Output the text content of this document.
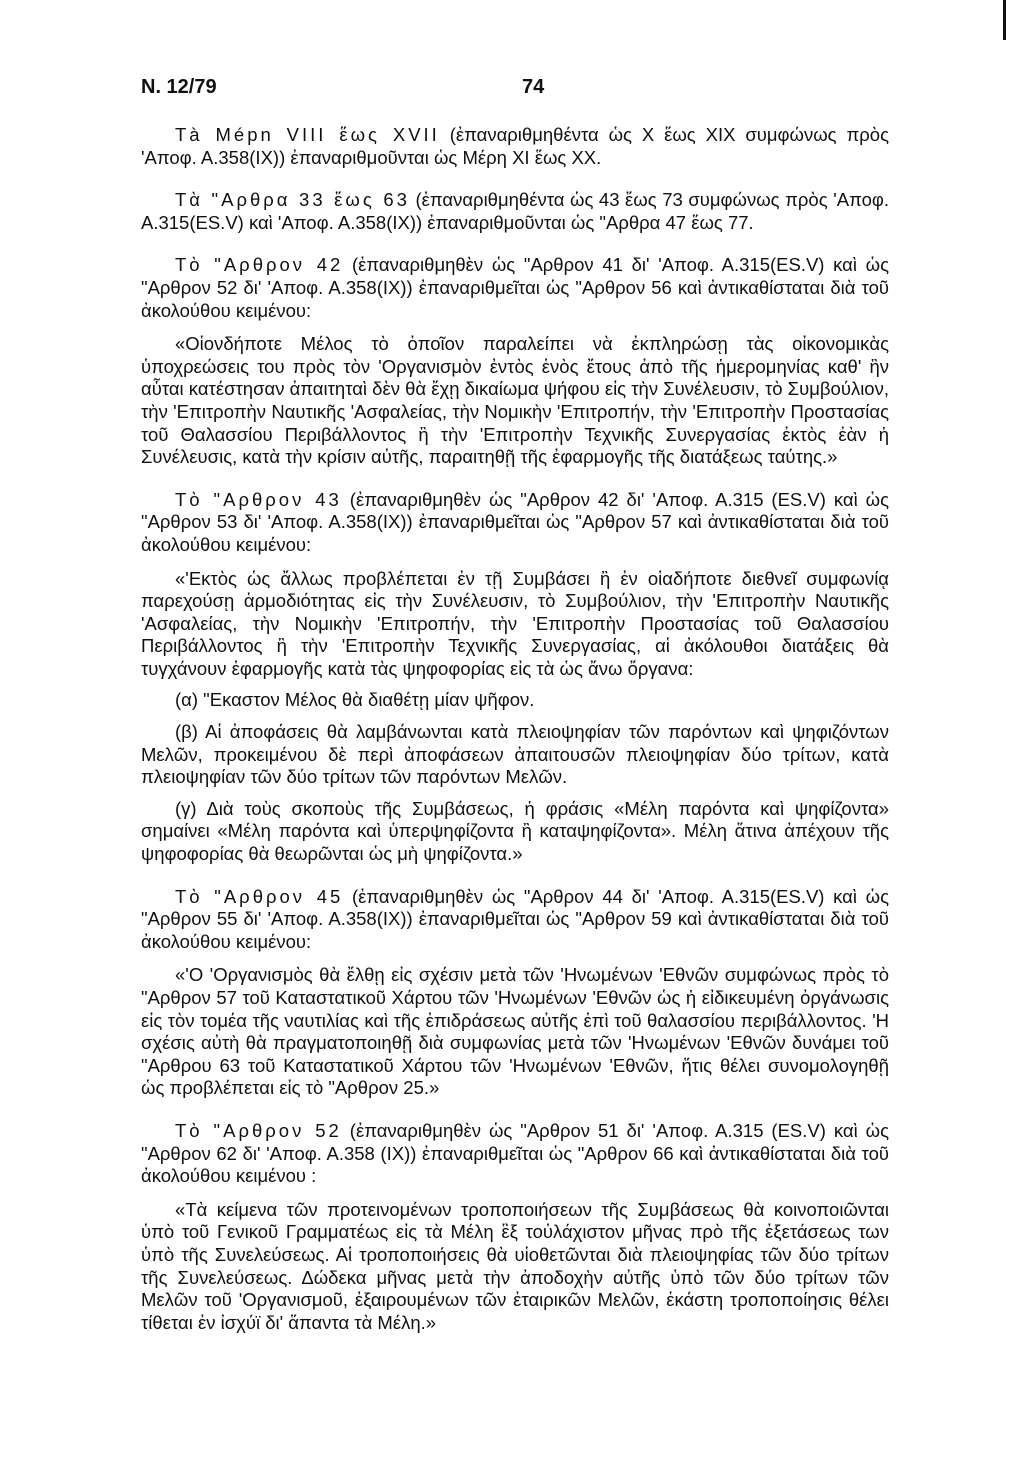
N. 12/79	74

Tà Mépn VIII ἕως XVII (ἐπαναριθμηθέντα ὡς X ἕως XIX συμφώνως πρὸς 'Αποφ. Α.358(ΙΧ)) ἐπαναριθμοῦνται ὡς Μέρη XI ἕως XX.

Τὰ "Αρθρα 33 ἕως 63 (ἐπαναριθμηθέντα ὡς 43 ἕως 73 συμφώνως πρὸς 'Αποφ. Α.315(ES.V) καὶ 'Αποφ. Α.358(ΙΧ)) ἐπαναριθμοῦνται ὡς "Αρθρα 47 ἕως 77.

Τὸ "Αρθρον 42 (ἐπαναριθμηθὲν ὡς "Αρθρον 41 δι' 'Αποφ. Α.315(ES.V) καὶ ὡς "Αρθρον 52 δι' 'Αποφ. Α.358(ΙΧ)) ἐπαναριθμεῖται ὡς "Αρθρον 56 καὶ ἀντικαθίσταται διὰ τοῦ ἀκολούθου κειμένου:

«Οἱονδήποτε Μέλος τὸ ὁποῖον παραλείπει νὰ ἐκπληρώσῃ τὰς οἰκονομικὰς ὑποχρεώσεις του πρὸς τὸν 'Οργανισμὸν ἐντὸς ἑνὸς ἔτους ἀπὸ τῆς ἡμερομηνίας καθ' ἣν αὗται κατέστησαν ἀπαιτηταὶ δὲν θὰ ἔχῃ δικαίωμα ψήφου εἰς τὴν Συνέλευσιν, τὸ Συμβούλιον, τὴν 'Επιτροπὴν Ναυτικῆς 'Ασφαλείας, τὴν Νομικὴν 'Επιτροπήν, τὴν 'Επιτροπὴν Προστασίας τοῦ Θαλασσίου Περιβάλλοντος ἢ τὴν 'Επιτροπὴν Τεχνικῆς Συνεργασίας ἐκτὸς ἐὰν ἡ Συνέλευσις, κατὰ τὴν κρίσιν αὐτῆς, παραιτηθῇ τῆς ἐφαρμογῆς τῆς διατάξεως ταύτης.»

Τὸ "Αρθρον 43 (ἐπαναριθμηθὲν ὡς "Αρθρον 42 δι' 'Αποφ. Α.315 (ES.V) καὶ ὡς "Αρθρον 53 δι' 'Αποφ. Α.358(ΙΧ)) ἐπαναριθμεῖται ὡς "Αρθρον 57 καὶ ἀντικαθίσταται διὰ τοῦ ἀκολούθου κειμένου:

«'Εκτὸς ὡς ἄλλως προβλέπεται ἐν τῇ Συμβάσει ἢ ἐν οἱαδήποτε διεθνεῖ συμφωνίᾳ παρεχούσῃ ἁρμοδιότητας εἰς τὴν Συνέλευσιν, τὸ Συμβούλιον, τὴν 'Επιτροπὴν Ναυτικῆς 'Ασφαλείας, τὴν Νομικὴν 'Επιτροπήν, τὴν 'Επιτροπὴν Προστασίας τοῦ Θαλασσίου Περιβάλλοντος ἢ τὴν 'Επιτροπὴν Τεχνικῆς Συνεργασίας, αἱ ἀκόλουθοι διατάξεις θὰ τυγχάνουν ἐφαρμογῆς κατὰ τὰς ψηφοφορίας εἰς τὰ ὡς ἄνω ὄργανα:

(α) "Εκαστον Μέλος θὰ διαθέτῃ μίαν ψῆφον.

(β) Αἱ ἀποφάσεις θὰ λαμβάνωνται κατὰ πλειοψηφίαν τῶν παρόντων καὶ ψηφιζόντων Μελῶν, προκειμένου δὲ περὶ ἀποφάσεων ἀπαιτουσῶν πλειοψηφίαν δύο τρίτων, κατὰ πλειοψηφίαν τῶν δύο τρίτων τῶν παρόντων Μελῶν.

(γ) Διὰ τοὺς σκοποὺς τῆς Συμβάσεως, ἡ φράσις «Μέλη παρόντα καὶ ψηφίζοντα» σημαίνει «Μέλη παρόντα καὶ ὑπερψηφίζοντα ἢ καταψηφίζοντα». Μέλη ἅτινα ἀπέχουν τῆς ψηφοφορίας θὰ θεωρῶνται ὡς μὴ ψηφίζοντα.»

Τὸ "Αρθρον 45 (ἐπαναριθμηθὲν ὡς "Αρθρον 44 δι' 'Αποφ. Α.315(ES.V) καὶ ὡς "Αρθρον 55 δι' 'Αποφ. Α.358(ΙΧ)) ἐπαναριθμεῖται ὡς "Αρθρον 59 καὶ ἀντικαθίσταται διὰ τοῦ ἀκολούθου κειμένου:

«'Ο 'Οργανισμὸς θὰ ἔλθῃ εἰς σχέσιν μετὰ τῶν 'Ηνωμένων 'Εθνῶν συμφώνως πρὸς τὸ "Αρθρον 57 τοῦ Καταστατικοῦ Χάρτου τῶν 'Ηνωμένων 'Εθνῶν ὡς ἡ εἰδικευμένη ὀργάνωσις εἰς τὸν τομέα τῆς ναυτιλίας καὶ τῆς ἐπιδράσεως αὐτῆς ἐπὶ τοῦ θαλασσίου περιβάλλοντος. 'Η σχέσις αὐτὴ θὰ πραγματοποιηθῇ διὰ συμφωνίας μετὰ τῶν 'Ηνωμένων 'Εθνῶν δυνάμει τοῦ "Αρθρου 63 τοῦ Καταστατικοῦ Χάρτου τῶν 'Ηνωμένων 'Εθνῶν, ἥτις θέλει συνομολογηθῇ ὡς προβλέπεται εἰς τὸ "Αρθρον 25.»

Τὸ "Αρθρον 52 (ἐπαναριθμηθὲν ὡς "Αρθρον 51 δι' 'Αποφ. Α.315 (ES.V) καὶ ὡς "Αρθρον 62 δι' 'Αποφ. Α.358 (ΙΧ)) ἐπαναριθμεῖται ὡς "Αρθρον 66 καὶ ἀντικαθίσταται διὰ τοῦ ἀκολούθου κειμένου :

«Τὰ κείμενα τῶν προτεινομένων τροποποιήσεων τῆς Συμβάσεως θὰ κοινοποιῶνται ὑπὸ τοῦ Γενικοῦ Γραμματέως εἰς τὰ Μέλη ἓξ τοὐλάχιστον μῆνας πρὸ τῆς ἐξετάσεως των ὑπὸ τῆς Συνελεύσεως. Αἱ τροποποιήσεις θὰ υἱοθετῶνται διὰ πλειοψηφίας τῶν δύο τρίτων τῆς Συνελεύσεως. Δώδεκα μῆνας μετὰ τὴν ἀποδοχὴν αὐτῆς ὑπὸ τῶν δύο τρίτων τῶν Μελῶν τοῦ 'Οργανισμοῦ, ἐξαιρουμένων τῶν ἑταιρικῶν Μελῶν, ἑκάστη τροποποίησις θέλει τίθεται ἐν ἰσχύϊ δι' ἅπαντα τὰ Μέλη.»
